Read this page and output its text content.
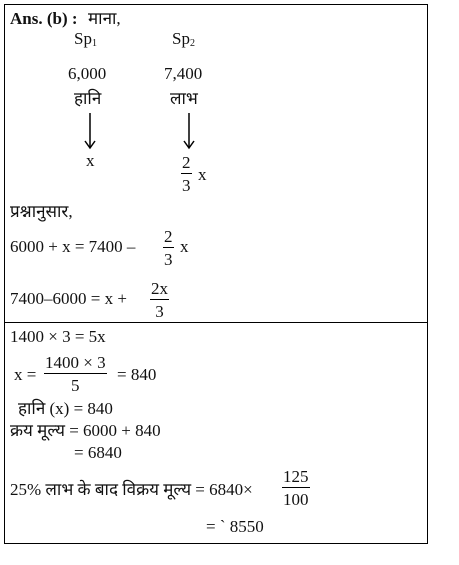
Ans. (b) : माना,
$Sp_1$
6,000
हानि
x
$Sp_2$
7,400
लाभ
2
3
x
प्रश्नानुसार,
6000 + x = 7400 –
2
3
x
7400–6000 = x +
2x
3
1400 × 3 = 5x
x =
1400 × 3
5
= 840
हानि (x) = 840
क्रय मूल्य = 6000 + 840
= 6840
25% लाभ के बाद विक्रय मूल्य = 6840×
125
100
= ` 8550
